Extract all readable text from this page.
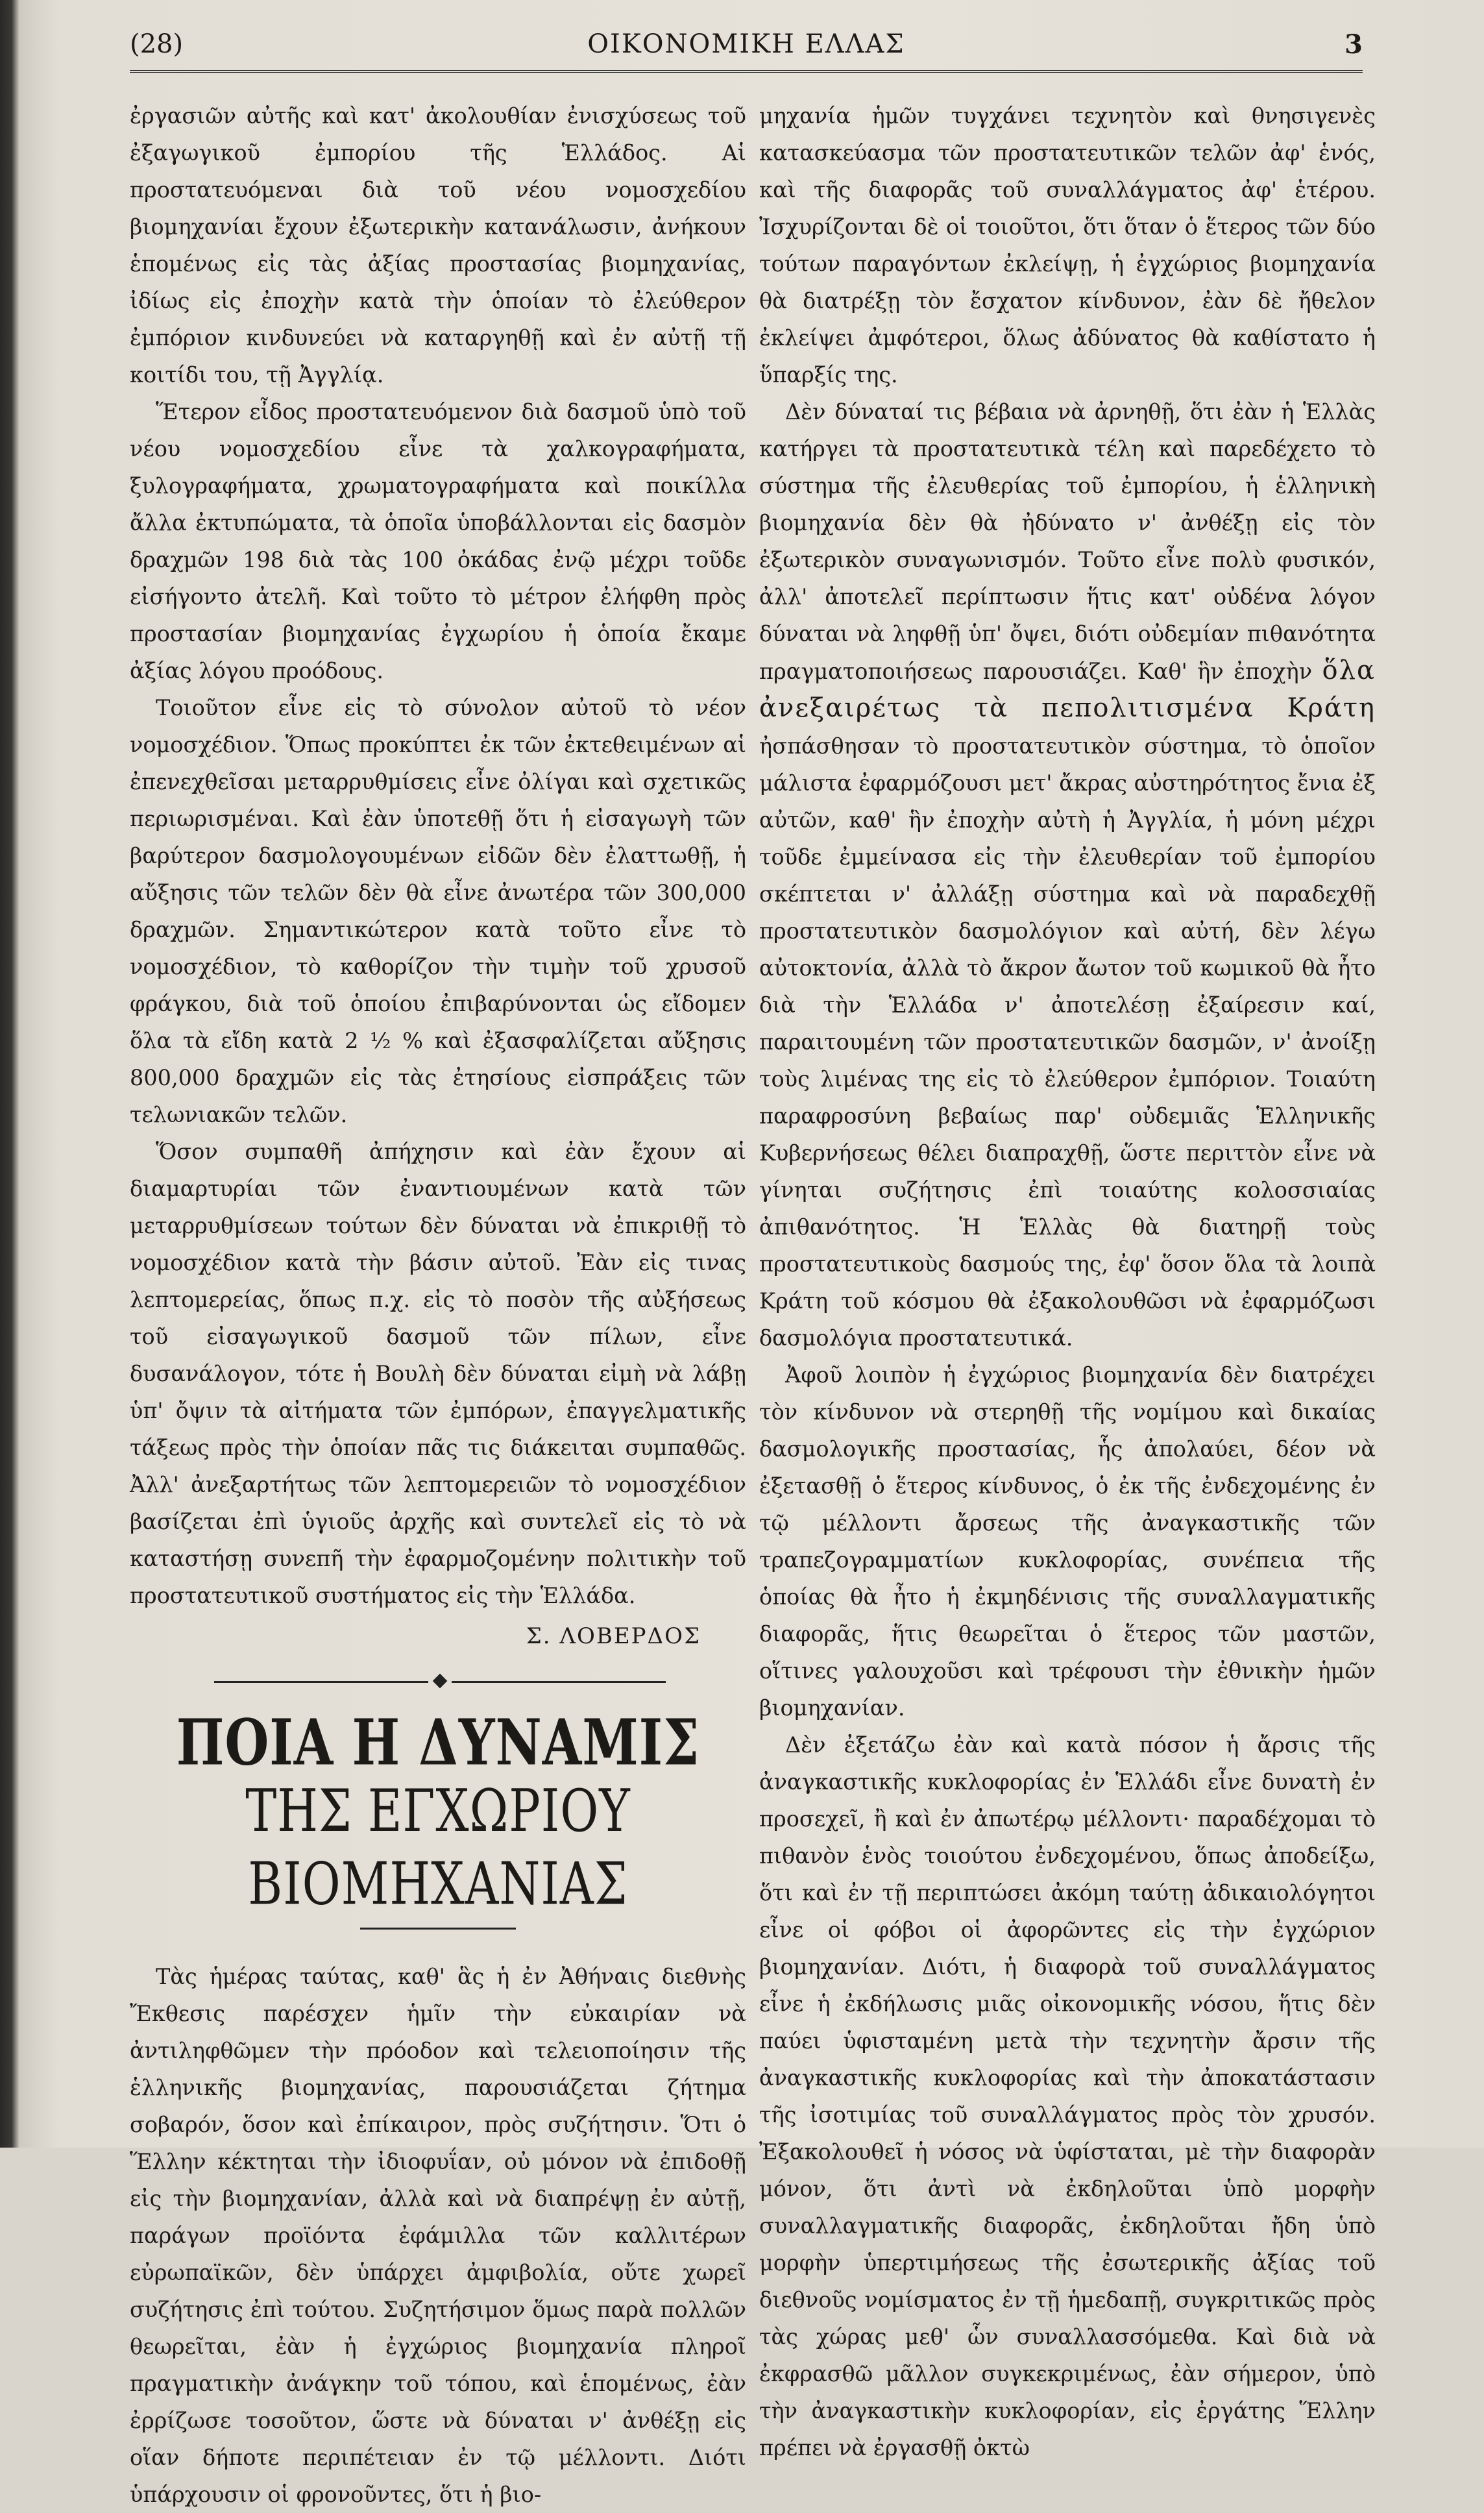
(28)	ΟΙΚΟΝΟΜΙΚΗ ΕΛΛΑΣ	3

ἐργασιῶν αὐτῆς καὶ κατ' ἀκολουθίαν ἐνισχύσεως τοῦ ἐξαγωγικοῦ ἐμπορίου τῆς Ἑλλάδος. Αἱ προστατευόμεναι διὰ τοῦ νέου νομοσχεδίου βιομηχανίαι ἔχουν ἐξωτερικὴν κατανάλωσιν, ἀνήκουν ἑπομένως εἰς τὰς ἀξίας προστασίας βιομηχανίας, ἰδίως εἰς ἐποχὴν κατὰ τὴν ὁποίαν τὸ ἐλεύθερον ἐμπόριον κινδυνεύει νὰ καταργηθῇ καὶ ἐν αὐτῇ τῇ κοιτίδι του, τῇ Ἀγγλίᾳ.

Ἕτερον εἶδος προστατευόμενον διὰ δασμοῦ ὑπὸ τοῦ νέου νομοσχεδίου εἶνε τὰ χαλκογραφήματα, ξυλογραφήματα, χρωματογραφήματα καὶ ποικίλλα ἄλλα ἐκτυπώματα, τὰ ὁποῖα ὑποβάλλονται εἰς δασμὸν δραχμῶν 198 διὰ τὰς 100 ὀκάδας ἐνῷ μέχρι τοῦδε εἰσήγοντο ἀτελῆ. Καὶ τοῦτο τὸ μέτρον ἐλήφθη πρὸς προστασίαν βιομηχανίας ἐγχωρίου ἡ ὁποία ἔκαμε ἀξίας λόγου προόδους.

Τοιοῦτον εἶνε εἰς τὸ σύνολον αὐτοῦ τὸ νέον νομοσχέδιον. Ὅπως προκύπτει ἐκ τῶν ἐκτεθειμένων αἱ ἐπενεχθεῖσαι μεταρρυθμίσεις εἶνε ὀλίγαι καὶ σχετικῶς περιωρισμέναι. Καὶ ἐὰν ὑποτεθῇ ὅτι ἡ εἰσαγωγὴ τῶν βαρύτερον δασμολογουμένων εἰδῶν δὲν ἐλαττωθῇ, ἡ αὔξησις τῶν τελῶν δὲν θὰ εἶνε ἀνωτέρα τῶν 300,000 δραχμῶν. Σημαντικώτερον κατὰ τοῦτο εἶνε τὸ νομοσχέδιον, τὸ καθορίζον τὴν τιμὴν τοῦ χρυσοῦ φράγκου, διὰ τοῦ ὁποίου ἐπιβαρύνονται ὡς εἴδομεν ὅλα τὰ εἴδη κατὰ 2 ½ % καὶ ἐξασφαλίζεται αὔξησις 800,000 δραχμῶν εἰς τὰς ἐτησίους εἰσπράξεις τῶν τελωνιακῶν τελῶν.

Ὅσον συμπαθῆ ἀπήχησιν καὶ ἐὰν ἔχουν αἱ διαμαρτυρίαι τῶν ἐναντιουμένων κατὰ τῶν μεταρρυθμίσεων τούτων δὲν δύναται νὰ ἐπικριθῇ τὸ νομοσχέδιον κατὰ τὴν βάσιν αὐτοῦ. Ἐὰν εἰς τινας λεπτομερείας, ὅπως π.χ. εἰς τὸ ποσὸν τῆς αὐξήσεως τοῦ εἰσαγωγικοῦ δασμοῦ τῶν πίλων, εἶνε δυσανάλογον, τότε ἡ Βουλὴ δὲν δύναται εἰμὴ νὰ λάβῃ ὑπ' ὄψιν τὰ αἰτήματα τῶν ἐμπόρων, ἐπαγγελματικῆς τάξεως πρὸς τὴν ὁποίαν πᾶς τις διάκειται συμπαθῶς. Ἀλλ' ἀνεξαρτήτως τῶν λεπτομερειῶν τὸ νομοσχέδιον βασίζεται ἐπὶ ὑγιοῦς ἀρχῆς καὶ συντελεῖ εἰς τὸ νὰ καταστήσῃ συνεπῆ τὴν ἐφαρμοζομένην πολιτικὴν τοῦ προστατευτικοῦ συστήματος εἰς τὴν Ἑλλάδα.

Σ. ΛΟΒΕΡΔΟΣ
ΠΟΙΑ Η ΔΥΝΑΜΙΣ
ΤΗΣ ΕΓΧΩΡΙΟΥ ΒΙΟΜΗΧΑΝΙΑΣ

Τὰς ἡμέρας ταύτας, καθ' ἃς ἡ ἐν Ἀθήναις διεθνὴς Ἔκθεσις παρέσχεν ἡμῖν τὴν εὐκαιρίαν νὰ ἀντιληφθῶμεν τὴν πρόοδον καὶ τελειοποίησιν τῆς ἑλληνικῆς βιομηχανίας, παρουσιάζεται ζήτημα σοβαρόν, ὅσον καὶ ἐπίκαιρον, πρὸς συζήτησιν. Ὅτι ὁ Ἕλλην κέκτηται τὴν ἰδιοφυΐαν, οὐ μόνον νὰ ἐπιδοθῇ εἰς τὴν βιομηχανίαν, ἀλλὰ καὶ νὰ διαπρέψῃ ἐν αὐτῇ, παράγων προϊόντα ἐφάμιλλα τῶν καλλιτέρων εὐρωπαϊκῶν, δὲν ὑπάρχει ἀμφιβολία, οὔτε χωρεῖ συζήτησις ἐπὶ τούτου. Συζητήσιμον ὅμως παρὰ πολλῶν θεωρεῖται, ἐὰν ἡ ἐγχώριος βιομηχανία πληροῖ πραγματικὴν ἀνάγκην τοῦ τόπου, καὶ ἑπομένως, ἐὰν ἐρρίζωσε τοσοῦτον, ὥστε νὰ δύναται ν' ἀνθέξῃ εἰς οἵαν δήποτε περιπέτειαν ἐν τῷ μέλλοντι. Διότι ὑπάρχουσιν οἱ φρονοῦντες, ὅτι ἡ βιο-

μηχανία ἡμῶν τυγχάνει τεχνητὸν καὶ θνησιγενὲς κατασκεύασμα τῶν προστατευτικῶν τελῶν ἀφ' ἑνός, καὶ τῆς διαφορᾶς τοῦ συναλλάγματος ἀφ' ἑτέρου. Ἰσχυρίζονται δὲ οἱ τοιοῦτοι, ὅτι ὅταν ὁ ἕτερος τῶν δύο τούτων παραγόντων ἐκλείψῃ, ἡ ἐγχώριος βιομηχανία θὰ διατρέξῃ τὸν ἔσχατον κίνδυνον, ἐὰν δὲ ἤθελον ἐκλείψει ἀμφότεροι, ὅλως ἀδύνατος θὰ καθίστατο ἡ ὕπαρξίς της.

Δὲν δύναταί τις βέβαια νὰ ἀρνηθῇ, ὅτι ἐὰν ἡ Ἑλλὰς κατήργει τὰ προστατευτικὰ τέλη καὶ παρεδέχετο τὸ σύστημα τῆς ἐλευθερίας τοῦ ἐμπορίου, ἡ ἑλληνικὴ βιομηχανία δὲν θὰ ἠδύνατο ν' ἀνθέξῃ εἰς τὸν ἐξωτερικὸν συναγωνισμόν. Τοῦτο εἶνε πολὺ φυσικόν, ἀλλ' ἀποτελεῖ περίπτωσιν ἥτις κατ' οὐδένα λόγον δύναται νὰ ληφθῇ ὑπ' ὄψει, διότι οὐδεμίαν πιθανότητα πραγματοποιήσεως παρουσιάζει. Καθ' ἣν ἐποχὴν ὅλα ἀνεξαιρέτως τὰ πεπολιτισμένα Κράτη ἠσπάσθησαν τὸ προστατευτικὸν σύστημα, τὸ ὁποῖον μάλιστα ἐφαρμόζουσι μετ' ἄκρας αὐστηρότητος ἔνια ἐξ αὐτῶν, καθ' ἣν ἐποχὴν αὐτὴ ἡ Ἀγγλία, ἡ μόνη μέχρι τοῦδε ἐμμείνασα εἰς τὴν ἐλευθερίαν τοῦ ἐμπορίου σκέπτεται ν' ἀλλάξῃ σύστημα καὶ νὰ παραδεχθῇ προστατευτικὸν δασμολόγιον καὶ αὐτή, δὲν λέγω αὐτοκτονία, ἀλλὰ τὸ ἄκρον ἄωτον τοῦ κωμικοῦ θὰ ἦτο διὰ τὴν Ἑλλάδα ν' ἀποτελέσῃ ἐξαίρεσιν καί, παραιτουμένη τῶν προστατευτικῶν δασμῶν, ν' ἀνοίξῃ τοὺς λιμένας της εἰς τὸ ἐλεύθερον ἐμπόριον. Τοιαύτη παραφροσύνη βεβαίως παρ' οὐδεμιᾶς Ἑλληνικῆς Κυβερνήσεως θέλει διαπραχθῇ, ὥστε περιττὸν εἶνε νὰ γίνηται συζήτησις ἐπὶ τοιαύτης κολοσσιαίας ἀπιθανότητος. Ἡ Ἑλλὰς θὰ διατηρῇ τοὺς προστατευτικοὺς δασμούς της, ἐφ' ὅσον ὅλα τὰ λοιπὰ Κράτη τοῦ κόσμου θὰ ἐξακολουθῶσι νὰ ἐφαρμόζωσι δασμολόγια προστατευτικά.

Ἀφοῦ λοιπὸν ἡ ἐγχώριος βιομηχανία δὲν διατρέχει τὸν κίνδυνον νὰ στερηθῇ τῆς νομίμου καὶ δικαίας δασμολογικῆς προστασίας, ἧς ἀπολαύει, δέον νὰ ἐξετασθῇ ὁ ἕτερος κίνδυνος, ὁ ἐκ τῆς ἐνδεχομένης ἐν τῷ μέλλοντι ἄρσεως τῆς ἀναγκαστικῆς τῶν τραπεζογραμματίων κυκλοφορίας, συνέπεια τῆς ὁποίας θὰ ἦτο ἡ ἐκμηδένισις τῆς συναλλαγματικῆς διαφορᾶς, ἥτις θεωρεῖται ὁ ἕτερος τῶν μαστῶν, οἵτινες γαλουχοῦσι καὶ τρέφουσι τὴν ἐθνικὴν ἡμῶν βιομηχανίαν.

Δὲν ἐξετάζω ἐὰν καὶ κατὰ πόσον ἡ ἄρσις τῆς ἀναγκαστικῆς κυκλοφορίας ἐν Ἑλλάδι εἶνε δυνατὴ ἐν προσεχεῖ, ἢ καὶ ἐν ἀπωτέρῳ μέλλοντι· παραδέχομαι τὸ πιθανὸν ἑνὸς τοιούτου ἐνδεχομένου, ὅπως ἀποδείξω, ὅτι καὶ ἐν τῇ περιπτώσει ἀκόμη ταύτῃ ἀδικαιολόγητοι εἶνε οἱ φόβοι οἱ ἀφορῶντες εἰς τὴν ἐγχώριον βιομηχανίαν. Διότι, ἡ διαφορὰ τοῦ συναλλάγματος εἶνε ἡ ἐκδήλωσις μιᾶς οἰκονομικῆς νόσου, ἥτις δὲν παύει ὑφισταμένη μετὰ τὴν τεχνητὴν ἄρσιν τῆς ἀναγκαστικῆς κυκλοφορίας καὶ τὴν ἀποκατάστασιν τῆς ἰσοτιμίας τοῦ συναλλάγματος πρὸς τὸν χρυσόν. Ἐξακολουθεῖ ἡ νόσος νὰ ὑφίσταται, μὲ τὴν διαφορὰν μόνον, ὅτι ἀντὶ νὰ ἐκδηλοῦται ὑπὸ μορφὴν συναλλαγματικῆς διαφορᾶς, ἐκδηλοῦται ἤδη ὑπὸ μορφὴν ὑπερτιμήσεως τῆς ἐσωτερικῆς ἀξίας τοῦ διεθνοῦς νομίσματος ἐν τῇ ἡμεδαπῇ, συγκριτικῶς πρὸς τὰς χώρας μεθ' ὧν συναλλασσόμεθα. Καὶ διὰ νὰ ἐκφρασθῶ μᾶλλον συγκεκριμένως, ἐὰν σήμερον, ὑπὸ τὴν ἀναγκαστικὴν κυκλοφορίαν, εἰς ἐργάτης Ἕλλην πρέπει νὰ ἐργασθῇ ὀκτὼ
